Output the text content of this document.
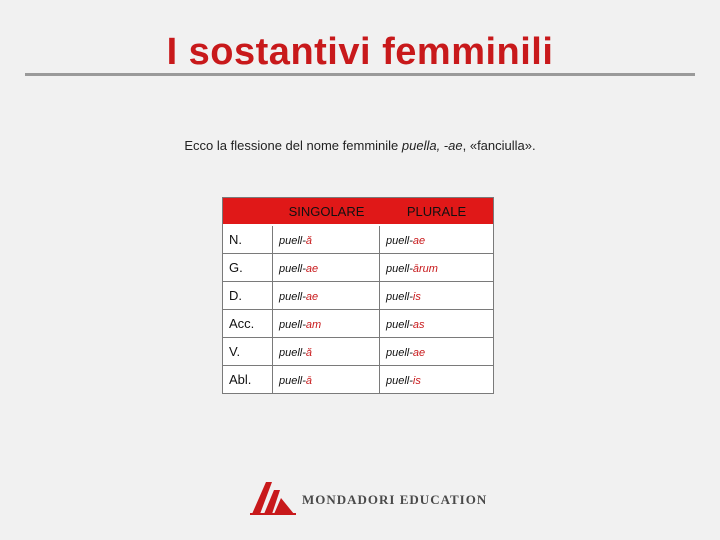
I sostantivi femminili
Ecco la flessione del nome femminile puella, -ae, «fanciulla».
	SINGOLARE	PLURALE
N.	puell-ă	puell-ae
G.	puell-ae	puell-ārum
D.	puell-ae	puell-is
Acc.	puell-am	puell-as
V.	puell-ă	puell-ae
Abl.	puell-ā	puell-is
MONDADORI EDUCATION
